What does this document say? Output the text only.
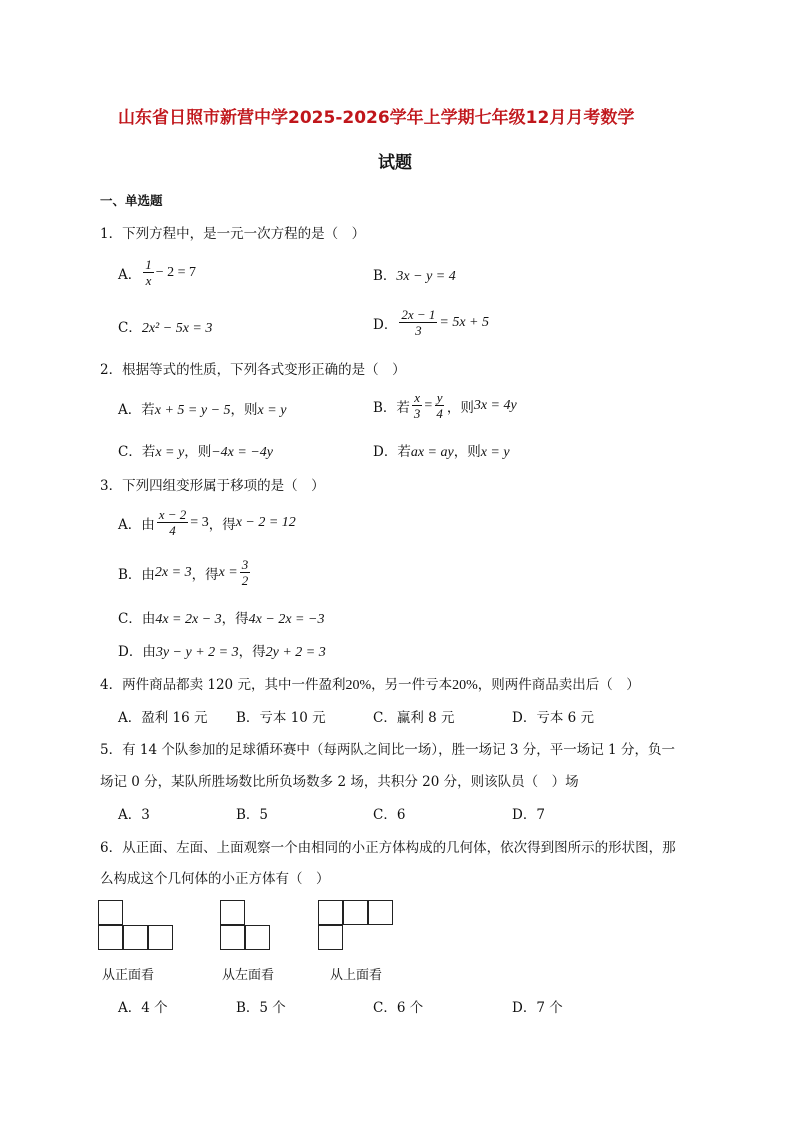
山东省日照市新营中学2025-2026学年上学期七年级12月月考数学
试题
一、单选题
1．下列方程中，是一元一次方程的是（　）
A． $\frac{1}{x} - 2 = 7$	B．3x − y = 4
C．2x² − 5x = 3	D． $\frac{2x - 1}{3} = 5x + 5$
2．根据等式的性质，下列各式变形正确的是（　）
A．若x + 5 = y − 5，则x = y	B．若 $\frac{x}{3} = \frac{y}{4}$ ，则 3x = 4y
C．若x = y，则−4x = −4y	D．若ax = ay，则x = y
3．下列四组变形属于移项的是（　）
A．由 $\frac{x - 2}{4} = 3$ ，得 x − 2 = 12
B．由 2x = 3 ，得 $x = \frac{3}{2}$
C．由4x = 2x − 3，得4x − 2x = −3
D．由3y − y + 2 = 3，得2y + 2 = 3
4．两件商品都卖 120 元，其中一件盈利20%，另一件亏本20%，则两件商品卖出后（　）
A．盈利 16 元 B．亏本 10 元	C．赢利 8 元	D．亏本 6 元
5．有 14 个队参加的足球循环赛中（每两队之间比一场），胜一场记 3 分，平一场记 1 分，负一
场记 0 分，某队所胜场数比所负场数多 2 场，共积分 20 分，则该队员（　）场
A．3	B．5	C．6	D．7
6．从正面、左面、上面观察一个由相同的小正方体构成的几何体，依次得到图所示的形状图，那
么构成这个几何体的小正方体有（　）
从正面看	从左面看	从上面看
A．4 个	B．5 个	C．6 个	D．7 个
